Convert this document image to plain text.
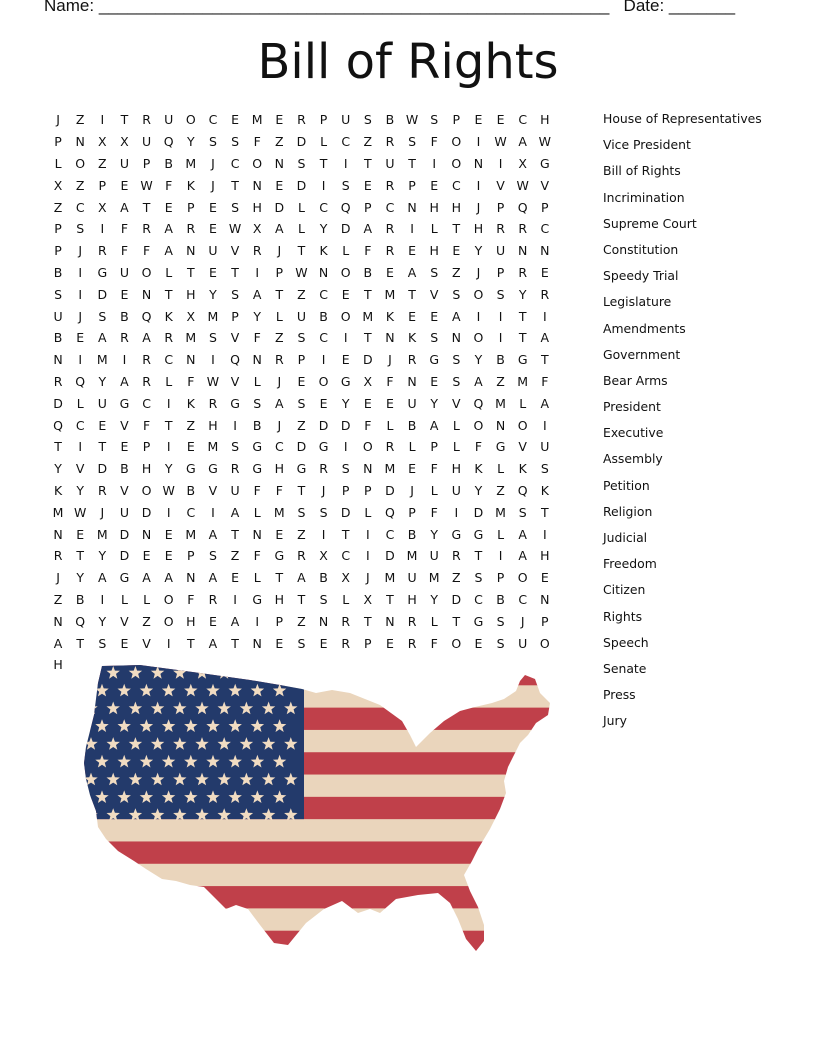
Name: ______________________________________________________ Date: _______
Bill of Rights
J	Z	I	T	R	U	O	C	E	M	E	R	P	U	S	B W S	P	E	E	C	H
P	N	X	X	U	Q	Y	S	S	F	Z	D	L	C	Z	R	S	F	O	I	W A W
L	O	Z	U	P	B M	J	C	O	N	S	T	I	T	U	T	I	O	N	I	X	G
X	Z	P	E W F	K	J	T	N	E	D	I	S	E	R	P	E	C	I	V W V
Z	C	X	A	T	E	P	E	S	H	D	L	C	Q	P	C	N	H	H	J	P	Q	P
P	S	I	F	R	A	R	E W X	A	L	Y	D	A	R	I	L	T	H	R	R	C
P	J	R	F	F	A	N	U	V	R	J	T	K	L	F	R	E	H	E	Y	U	N	N
B	I	G	U	O	L	T	E	T	I	P W N	O	B	E	A	S	Z	J	P	R	E
S	I	D	E	N	T	H	Y	S	A	T	Z	C	E	T	M	T	V	S	O	S	Y	R
U	J	S	B	Q	K	X M	P	Y	L	U	B	O M	K	E	E	A	I	I	T	I
B	E	A	R	A	R M	S	V	F	Z	S	C	I	T	N	K	S	N	O	I	T	A
N	I	M	I	R	C	N	I	Q	N	R	P	I	E	D	J	R	G	S	Y	B	G	T
R	Q	Y	A	R	L	F W V	L	J	E	O G	X	F	N	E	S	A	Z M	F
D	L	U	G	C	I	K	R	G	S	A	S	E	Y	E	E	U	Y	V	Q M	L	A
Q	C	E	V	F	T	Z	H	I	B	J	Z	D D	F	L	B	A	L	O	N	O	I
T	I	T	E	P	I	E	M	S	G	C	D G	I	O	R	L	P	L	F	G	V	U
Y	V	D	B	H	Y	G G	R	G	H	G	R	S	N M	E	F	H	K	L	K	S
K	Y	R	V	O W B	V	U	F	F	T	J	P	P	D	J	L	U	Y	Z	Q	K
M W	J	U	D	I	C	I	A	L	M	S	S	D	L	Q	P	F	I	D M	S	T
N	E	M D	N	E	M A	T	N	E	Z	I	T	I	C	B	Y	G G	L	A	I
R	T	Y	D	E	E	P	S	Z	F	G	R	X	C	I	D M U	R	T	I	A	H
J	Y	A	G	A	A	N	A	E	L	T	A	B	X	J	M U M Z	S	P	O	E
Z	B	I	L	L	O	F	R	I	G	H	T	S	L	X	T	H	Y	D	C	B	C	N
N	Q	Y	V	Z	O	H	E	A	I	P	Z	N	R	T	N	R	L	T	G	S	J	P
A	T	S	E	V	I	T	A	T	N	E	S	E	R	P	E	R	F	O	E	S	U	O
H
House of Representatives
Vice President
Bill of Rights
Incrimination
Supreme Court
Constitution
Speedy Trial
Legislature
Amendments
Government
Bear Arms
President
Executive
Assembly
Petition
Religion
Judicial
Freedom
Citizen
Rights
Speech
Senate
Press
Jury
